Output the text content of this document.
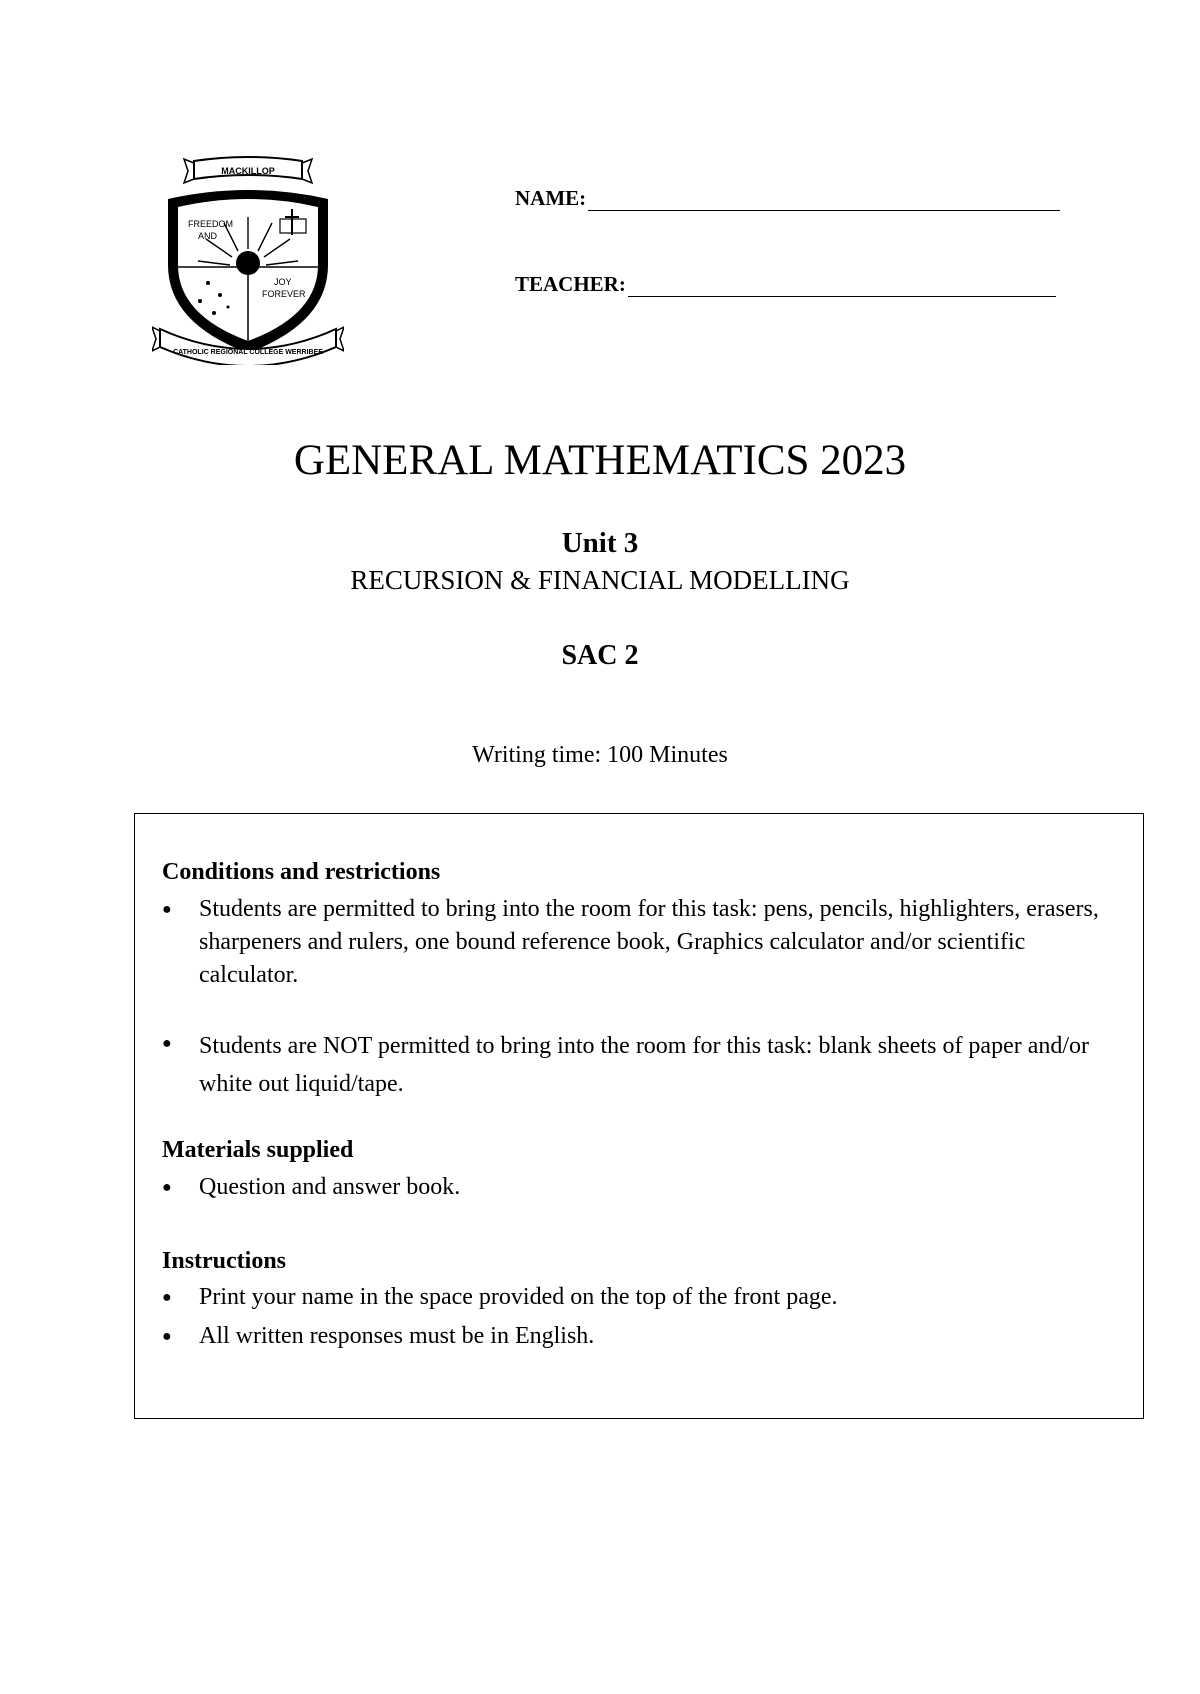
MACKILLOP
FREEDOM
AND
JOY
FOREVER
CATHOLIC REGIONAL COLLEGE WERRIBEE
NAME:
TEACHER:
GENERAL MATHEMATICS 2023
Unit 3
RECURSION & FINANCIAL MODELLING
SAC 2
Writing time: 100 Minutes
Conditions and restrictions
●	Students are permitted to bring into the room for this task: pens, pencils, highlighters, erasers, sharpeners and rulers, one bound reference book, Graphics calculator and/or scientific calculator.
●	Students are NOT permitted to bring into the room for this task: blank sheets of paper and/or white out liquid/tape.
Materials supplied
●	Question and answer book.
Instructions
●	Print your name in the space provided on the top of the front page.
●	All written responses must be in English.
